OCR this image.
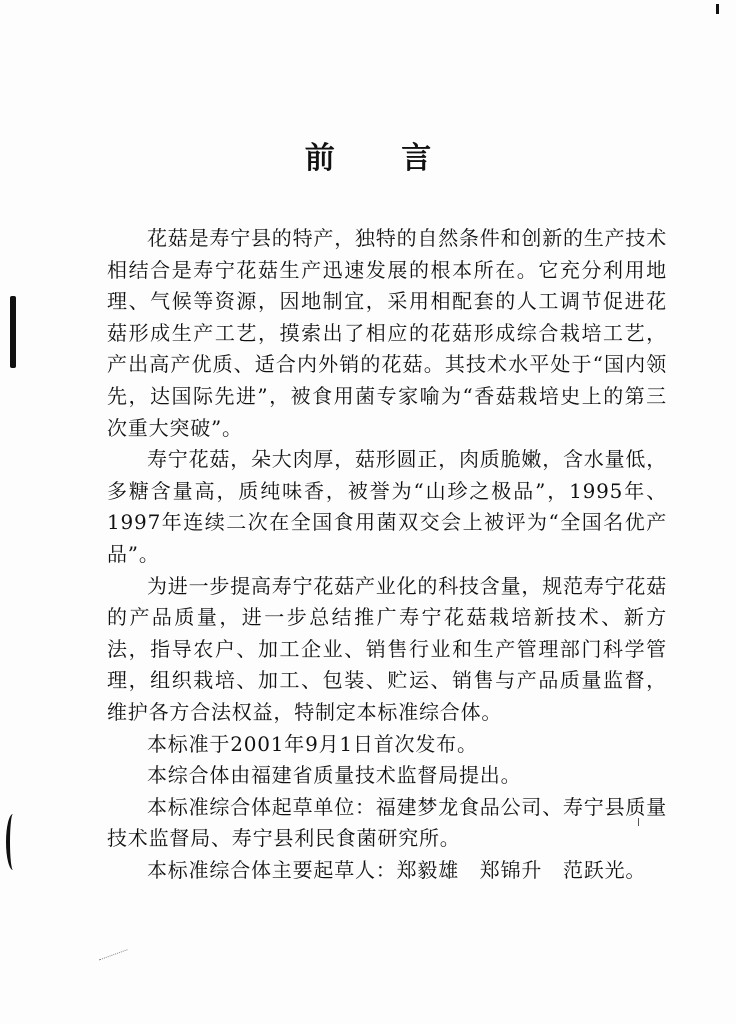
前 言

花菇是寿宁县的特产，独特的自然条件和创新的生产技术相结合是寿宁花菇生产迅速发展的根本所在。它充分利用地理、气候等资源，因地制宜，采用相配套的人工调节促进花菇形成生产工艺，摸索出了相应的花菇形成综合栽培工艺，产出高产优质、适合内外销的花菇。其技术水平处于“国内领先，达国际先进”，被食用菌专家喻为“香菇栽培史上的第三次重大突破”。

寿宁花菇，朵大肉厚，菇形圆正，肉质脆嫩，含水量低，多糖含量高，质纯味香，被誉为“山珍之极品”，1995年、1997年连续二次在全国食用菌双交会上被评为“全国名优产品”。

为进一步提高寿宁花菇产业化的科技含量，规范寿宁花菇的产品质量，进一步总结推广寿宁花菇栽培新技术、新方法，指导农户、加工企业、销售行业和生产管理部门科学管理，组织栽培、加工、包装、贮运、销售与产品质量监督，维护各方合法权益，特制定本标准综合体。

本标准于2001年9月1日首次发布。

本综合体由福建省质量技术监督局提出。

本标准综合体起草单位：福建梦龙食品公司、寿宁县质量技术监督局、寿宁县利民食菌研究所。

本标准综合体主要起草人：郑毅雄　郑锦升　范跃光。
